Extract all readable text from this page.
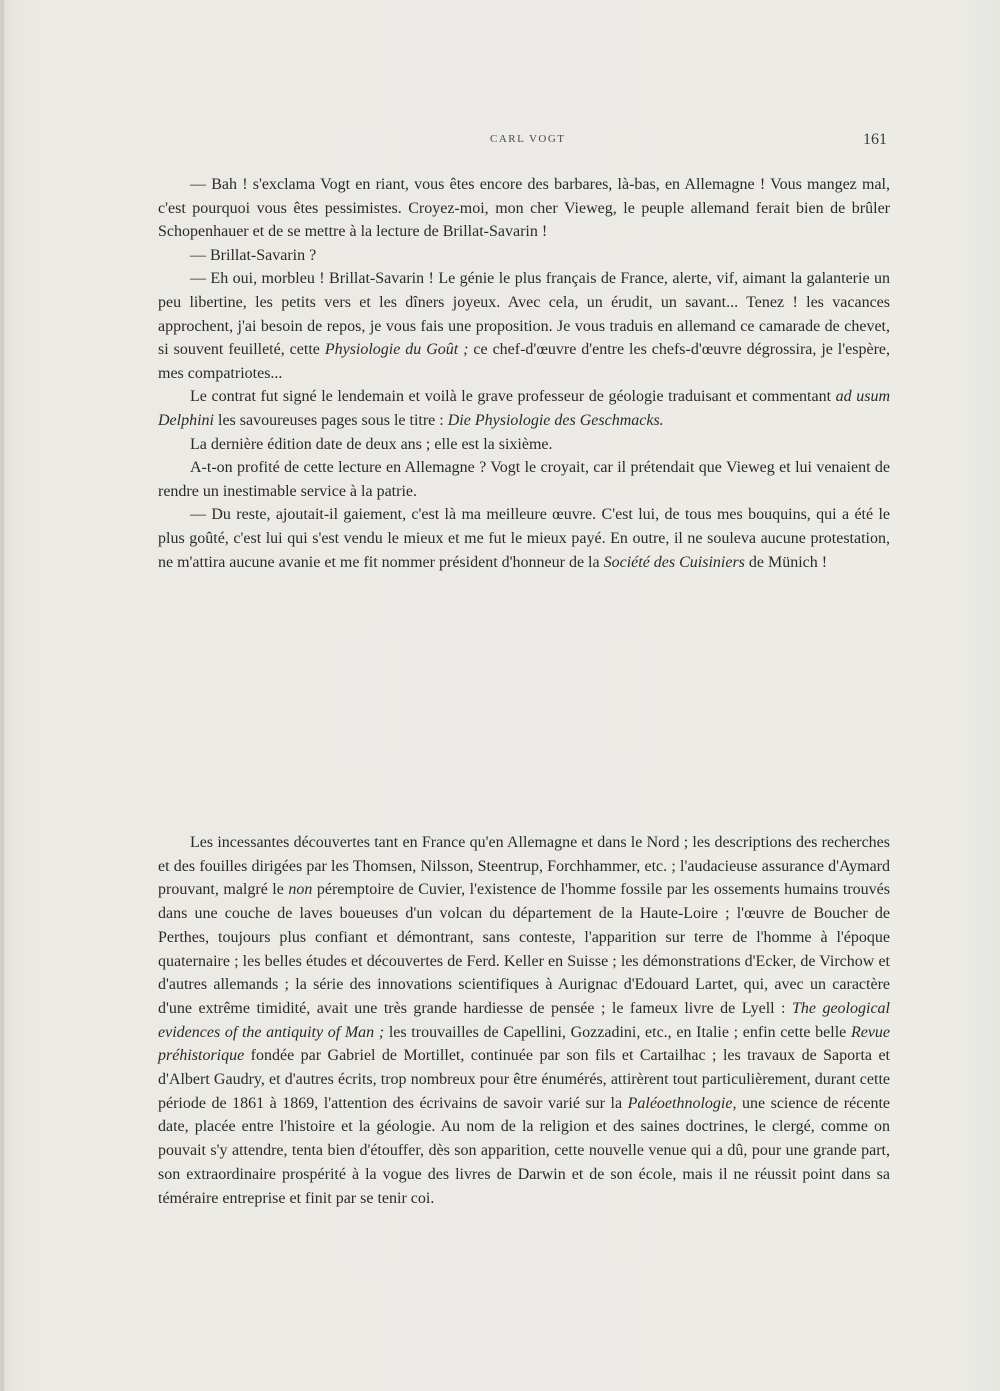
CARL VOGT	161

— Bah ! s'exclama Vogt en riant, vous êtes encore des barbares, là-bas, en Allemagne ! Vous mangez mal, c'est pourquoi vous êtes pessimistes. Croyez-moi, mon cher Vieweg, le peuple allemand ferait bien de brûler Schopenhauer et de se mettre à la lecture de Brillat-Savarin !

— Brillat-Savarin ?

— Eh oui, morbleu ! Brillat-Savarin ! Le génie le plus français de France, alerte, vif, aimant la galanterie un peu libertine, les petits vers et les dîners joyeux. Avec cela, un érudit, un savant... Tenez ! les vacances approchent, j'ai besoin de repos, je vous fais une proposition. Je vous traduis en allemand ce camarade de chevet, si souvent feuilleté, cette Physiologie du Goût ; ce chef-d'œuvre d'entre les chefs-d'œuvre dégrossira, je l'espère, mes compatriotes...

Le contrat fut signé le lendemain et voilà le grave professeur de géologie traduisant et commentant ad usum Delphini les savoureuses pages sous le titre : Die Physiologie des Geschmacks.

La dernière édition date de deux ans ; elle est la sixième.

A-t-on profité de cette lecture en Allemagne ? Vogt le croyait, car il prétendait que Vieweg et lui venaient de rendre un inestimable service à la patrie.

— Du reste, ajoutait-il gaiement, c'est là ma meilleure œuvre. C'est lui, de tous mes bouquins, qui a été le plus goûté, c'est lui qui s'est vendu le mieux et me fut le mieux payé. En outre, il ne souleva aucune protestation, ne m'attira aucune avanie et me fit nommer président d'honneur de la Société des Cuisiniers de Münich !

Les incessantes découvertes tant en France qu'en Allemagne et dans le Nord ; les descriptions des recherches et des fouilles dirigées par les Thomsen, Nilsson, Steentrup, Forchhammer, etc. ; l'audacieuse assurance d'Aymard prouvant, malgré le non péremptoire de Cuvier, l'existence de l'homme fossile par les ossements humains trouvés dans une couche de laves boueuses d'un volcan du département de la Haute-Loire ; l'œuvre de Boucher de Perthes, toujours plus confiant et démontrant, sans conteste, l'apparition sur terre de l'homme à l'époque quaternaire ; les belles études et découvertes de Ferd. Keller en Suisse ; les démonstrations d'Ecker, de Virchow et d'autres allemands ; la série des innovations scientifiques à Aurignac d'Edouard Lartet, qui, avec un caractère d'une extrême timidité, avait une très grande hardiesse de pensée ; le fameux livre de Lyell : The geological evidences of the antiquity of Man ; les trouvailles de Capellini, Gozzadini, etc., en Italie ; enfin cette belle Revue préhistorique fondée par Gabriel de Mortillet, continuée par son fils et Cartailhac ; les travaux de Saporta et d'Albert Gaudry, et d'autres écrits, trop nombreux pour être énumérés, attirèrent tout particulièrement, durant cette période de 1861 à 1869, l'attention des écrivains de savoir varié sur la Paléoethnologie, une science de récente date, placée entre l'histoire et la géologie. Au nom de la religion et des saines doctrines, le clergé, comme on pouvait s'y attendre, tenta bien d'étouffer, dès son apparition, cette nouvelle venue qui a dû, pour une grande part, son extraordinaire prospérité à la vogue des livres de Darwin et de son école, mais il ne réussit point dans sa téméraire entreprise et finit par se tenir coi.
